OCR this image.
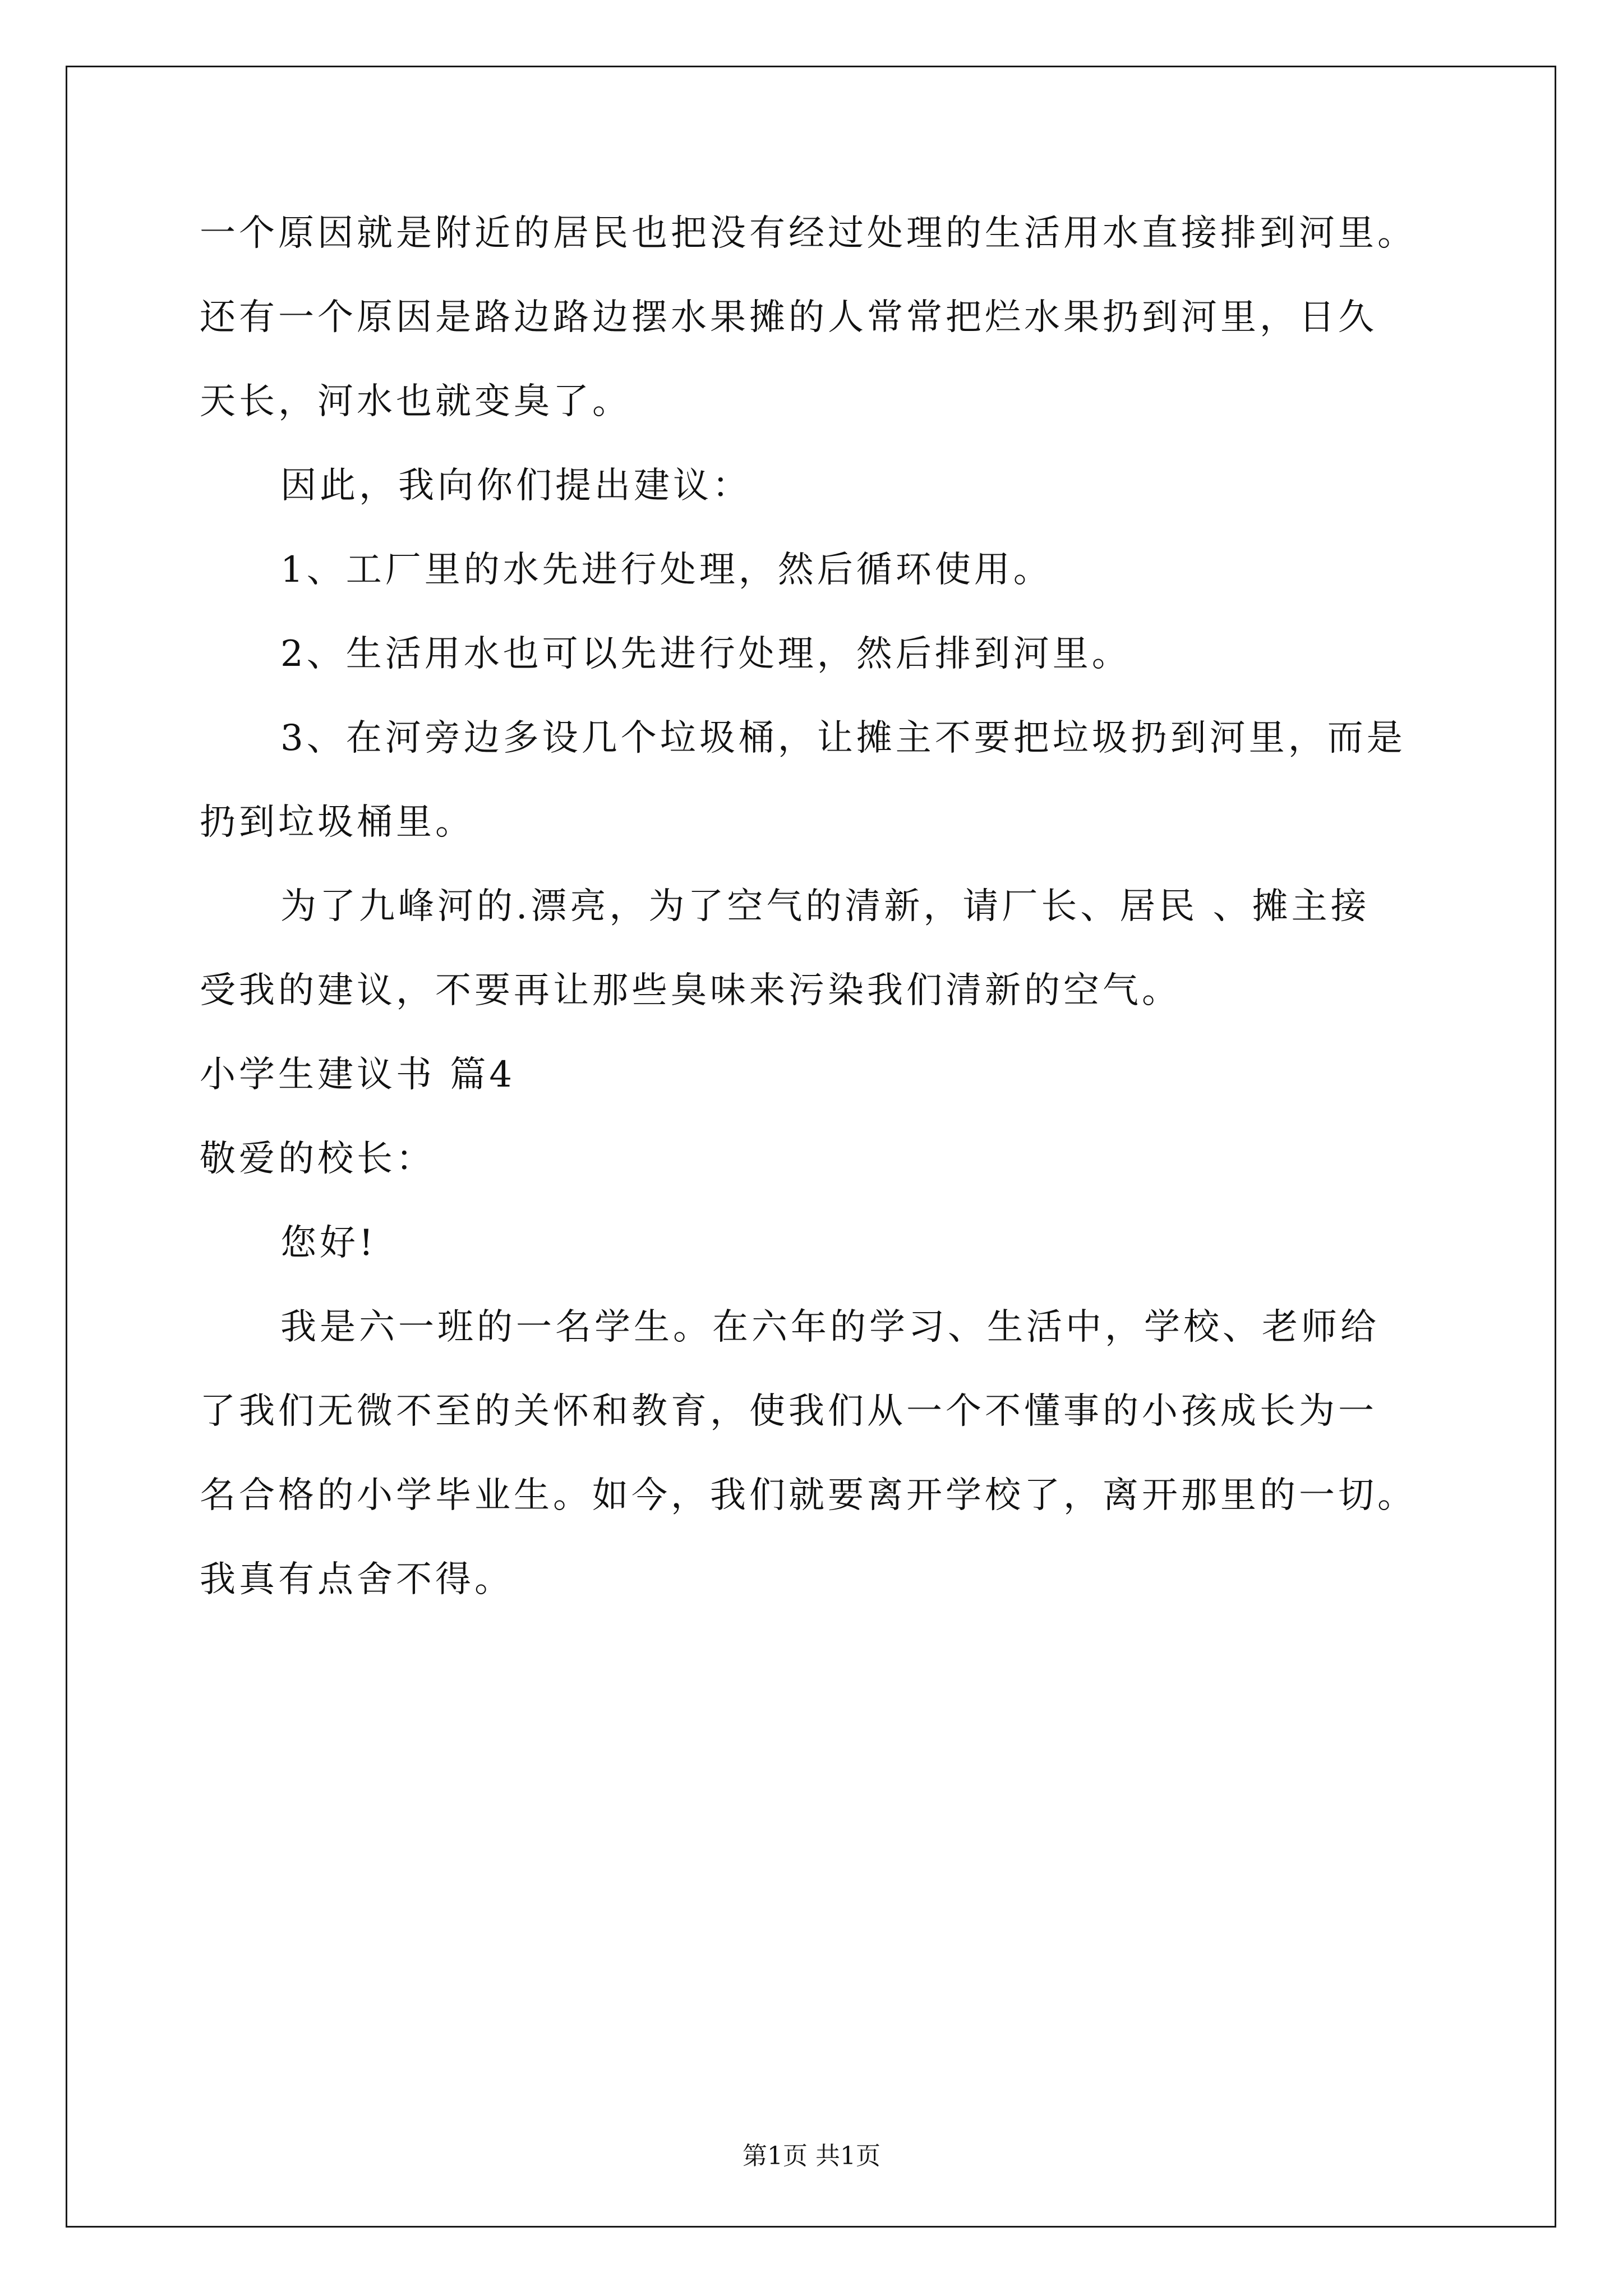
一个原因就是附近的居民也把没有经过处理的生活用水直接排到河里。
还有一个原因是路边路边摆水果摊的人常常把烂水果扔到河里，日久
天长，河水也就变臭了。
因此，我向你们提出建议：
1、工厂里的水先进行处理，然后循环使用。
2、生活用水也可以先进行处理，然后排到河里。
3、在河旁边多设几个垃圾桶，让摊主不要把垃圾扔到河里，而是
扔到垃圾桶里。
为了九峰河的.漂亮，为了空气的清新，请厂长、居民 、摊主接
受我的建议，不要再让那些臭味来污染我们清新的空气。
小学生建议书 篇4
敬爱的校长：
您好!
我是六一班的一名学生。在六年的学习、生活中，学校、老师给
了我们无微不至的关怀和教育，使我们从一个不懂事的小孩成长为一
名合格的小学毕业生。如今，我们就要离开学校了，离开那里的一切。
我真有点舍不得。
第1页 共1页
